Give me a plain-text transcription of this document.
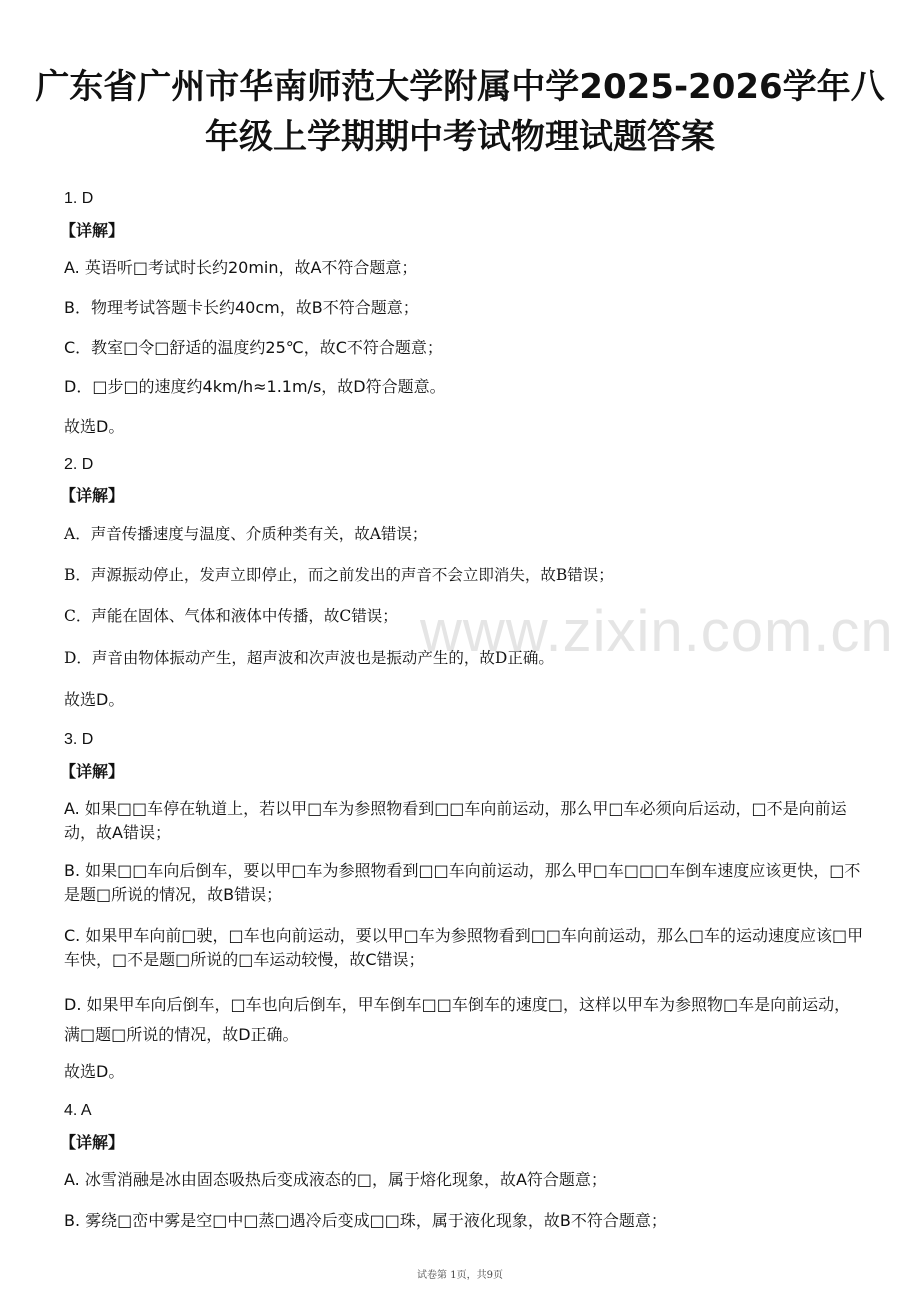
广东省广州市华南师范大学附属中学2025-2026学年八
年级上学期期中考试物理试题答案
www.zixin.com.cn
1. D
【详解】
A. 英语听□考试时长约20min，故A不符合题意；
B．物理考试答题卡长约40cm，故B不符合题意；
C．教室□令□舒适的温度约25℃，故C不符合题意；
D．□步□的速度约4km/h≈1.1m/s，故D符合题意。
故选D。
2. D
【详解】
A．声音传播速度与温度、介质种类有关，故A错误；
B．声源振动停止，发声立即停止，而之前发出的声音不会立即消失，故B错误；
C．声能在固体、气体和液体中传播，故C错误；
D．声音由物体振动产生，超声波和次声波也是振动产生的，故D正确。
故选D。
3. D
【详解】
A. 如果□□车停在轨道上，若以甲□车为参照物看到□□车向前运动，那么甲□车必须向后运动，□不是向前运动，故A错误；
B. 如果□□车向后倒车，要以甲□车为参照物看到□□车向前运动，那么甲□车□□□车倒车速度应该更快，□不是题□所说的情况，故B错误；
C. 如果甲车向前□驶，□车也向前运动，要以甲□车为参照物看到□□车向前运动，那么□车的运动速度应该□甲车快，□不是题□所说的□车运动较慢，故C错误；
D. 如果甲车向后倒车，□车也向后倒车，甲车倒车□□车倒车的速度□，这样以甲车为参照物□车是向前运动，满□题□所说的情况，故D正确。
故选D。
4. A
【详解】
A. 冰雪消融是冰由固态吸热后变成液态的□，属于熔化现象，故A符合题意；
B. 雾绕□峦中雾是空□中□蒸□遇冷后变成□□珠，属于液化现象，故B不符合题意；
试卷第 1页，共9页
